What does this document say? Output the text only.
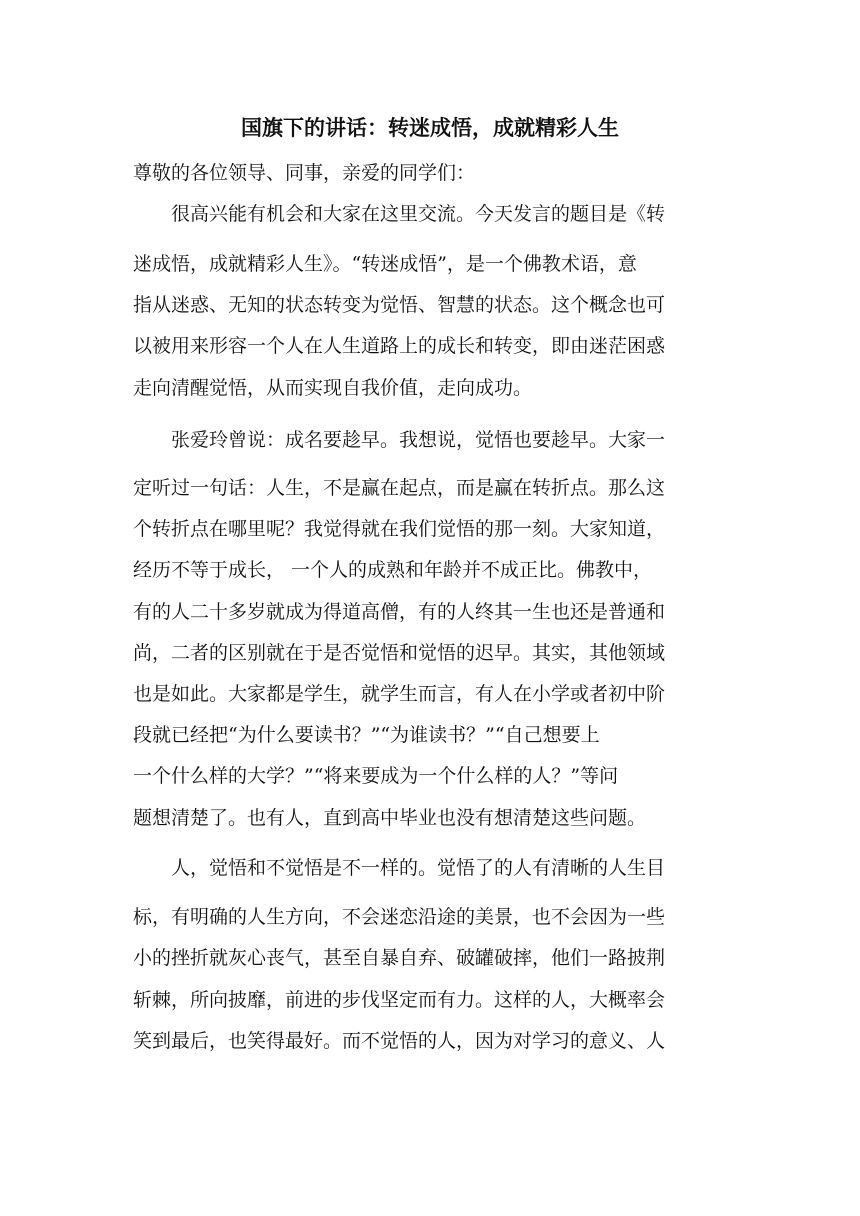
国旗下的讲话：转迷成悟，成就精彩人生

尊敬的各位领导、同事，亲爱的同学们：

　　很高兴能有机会和大家在这里交流。今天发言的题目是《转

迷成悟，成就精彩人生》。“转迷成悟”，是一个佛教术语，意

指从迷惑、无知的状态转变为觉悟、智慧的状态。这个概念也可

以被用来形容一个人在人生道路上的成长和转变，即由迷茫困惑

走向清醒觉悟，从而实现自我价值，走向成功。

　　张爱玲曾说：成名要趁早。我想说，觉悟也要趁早。大家一

定听过一句话：人生，不是赢在起点，而是赢在转折点。那么这

个转折点在哪里呢？我觉得就在我们觉悟的那一刻。大家知道，

经历不等于成长， 一个人的成熟和年龄并不成正比。佛教中，

有的人二十多岁就成为得道高僧，有的人终其一生也还是普通和

尚，二者的区别就在于是否觉悟和觉悟的迟早。其实，其他领域

也是如此。大家都是学生，就学生而言，有人在小学或者初中阶

段就已经把“为什么要读书？”“为谁读书？”“自己想要上

一个什么样的大学？”“将来要成为一个什么样的人？”等问

题想清楚了。也有人，直到高中毕业也没有想清楚这些问题。

　　人，觉悟和不觉悟是不一样的。觉悟了的人有清晰的人生目

标，有明确的人生方向，不会迷恋沿途的美景，也不会因为一些

小的挫折就灰心丧气，甚至自暴自弃、破罐破摔，他们一路披荆

斩棘，所向披靡，前进的步伐坚定而有力。这样的人，大概率会

笑到最后，也笑得最好。而不觉悟的人，因为对学习的意义、人
